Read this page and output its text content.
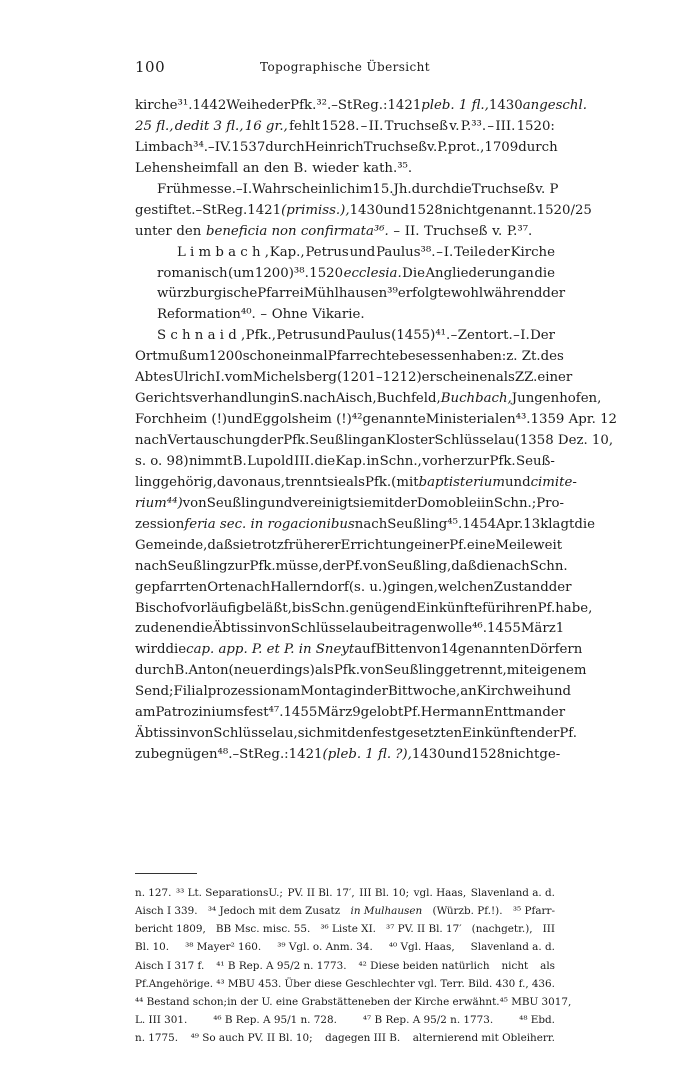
100	Topographische Übersicht
kirche³¹. 1442 Weihe der Pfk.³². – StReg.: 1421 pleb. 1 fl., 1430 angeschl.
25 fl., dedit 3 fl., 16 gr., fehlt 1528. – II. Truchseß v. P.³³. – III. 1520:
Limbach³⁴. – IV. 1537 durch Heinrich Truchseß v. P. prot., 1709 durch
Lehensheimfall an den B. wieder kath.³⁵.
Frühmesse. – I. Wahrscheinlich im 15. Jh. durch die Truchseß v. P
gestiftet. – StReg. 1421 (primiss.), 1430 und 1528 nicht genannt. 1520/25
unter den beneficia non confirmata³⁶. – II. Truchseß v. P.³⁷.
L i m b a c h , Kap., Petrus und Paulus³⁸. – I. Teile der Kirche
romanisch (um 1200)³⁸. 1520 ecclesia. Die Angliederung an die
würzburgische Pfarrei Mühlhausen³⁹ erfolgte wohl während der
Reformation⁴⁰. – Ohne Vikarie.
S c h n a i d , Pfk., Petrus und Paulus (1455)⁴¹. – Zentort. – I. Der
Ort muß um 1200 schon einmal Pfarrechte besessen haben: z. Zt. des
Abtes Ulrich I. vom Michelsberg (1201–1212) erscheinen als ZZ. einer
Gerichtsverhandlung in S. nach Aisch, Buchfeld, Buchbach, Jungenhofen,
Forchheim (!) und Eggolsheim (!)⁴² genannte Ministerialen⁴³. 1359 Apr. 12
nach Vertauschung der Pfk. Seußling an Kloster Schlüsselau (1358 Dez. 10,
s. o. 98) nimmt B. Lupold III. die Kap. in Schn., vorher zur Pfk. Seuß-
ling gehörig, davon aus, trennt sie als Pfk. (mit baptisterium und cimite-
rium⁴⁴) von Seußling und vereinigt sie mit der Domoblei in Schn.; Pro-
zession feria sec. in rogacionibus nach Seußling⁴⁵. 1454 Apr. 13 klagt die
Gemeinde, daß sie trotz früherer Errichtung einer Pf. eine Meile weit
nach Seußling zur Pfk. müsse, der Pf. von Seußling, daß die nach Schn.
gepfarrten Orte nach Hallerndorf (s. u.) gingen, welchen Zustand der
Bischof vorläufig beläßt, bis Schn. genügend Einkünfte für ihren Pf. habe,
zu denen die Äbtissin von Schlüsselau beitragen wolle⁴⁶. 1455 März 1
wird die cap. app. P. et P. in Sneyt auf Bitten von 14 genannten Dörfern
durch B. Anton (neuerdings) als Pfk. von Seußling getrennt, mit eigenem
Send; Filialprozession am Montag in der Bittwoche, an Kirchweih und
am Patroziniumsfest⁴⁷. 1455 März 9 gelobt Pf. Hermann Enttman der
Äbtissin von Schlüsselau, sich mit den festgesetzten Einkünften der Pf.
zu begnügen⁴⁸. – StReg.: 1421 (pleb. 1 fl. ?), 1430 und 1528 nicht ge-
n. 127. ³³ Lt. SeparationsU.; PV. II Bl. 17′, III Bl. 10; vgl. Haas, Slavenland a. d.
Aisch I 339. ³⁴ Jedoch mit dem Zusatz in Mulhausen (Würzb. Pf.!). ³⁵ Pfarr-
bericht 1809, BB Msc. misc. 55. ³⁶ Liste XI. ³⁷ PV. II Bl. 17′ (nachgetr.), III
Bl. 10. ³⁸ Mayer² 160. ³⁹ Vgl. o. Anm. 34. ⁴⁰ Vgl. Haas, Slavenland a. d.
Aisch I 317 f. ⁴¹ B Rep. A 95/2 n. 1773. ⁴² Diese beiden natürlich nicht als
Pf.Angehörige. ⁴³ MBU 453. Über diese Geschlechter vgl. Terr. Bild. 430 f., 436.
⁴⁴ Bestand schon; in der U. eine Grabstätte neben der Kirche erwähnt. ⁴⁵ MBU 3017,
L. III 301. ⁴⁶ B Rep. A 95/1 n. 728. ⁴⁷ B Rep. A 95/2 n. 1773. ⁴⁸ Ebd.
n. 1775. ⁴⁹ So auch PV. II Bl. 10; dagegen III B. alternierend mit Obleiherr.
